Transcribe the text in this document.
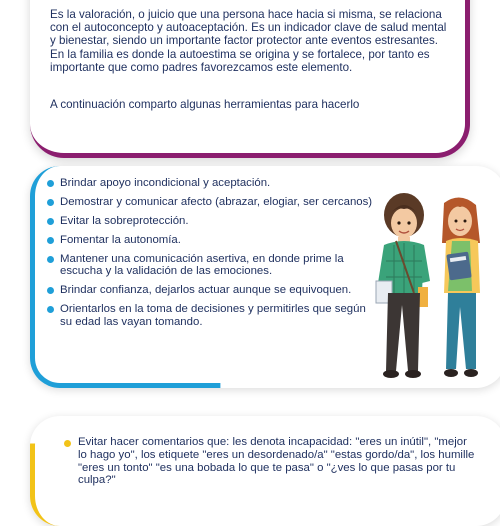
Es la valoración, o juicio que una persona hace hacia si misma, se relaciona con el autoconcepto y autoaceptación. Es un indicador clave de salud mental y bienestar, siendo un importante factor protector ante eventos estresantes. En la familia es donde la autoestima se origina y se fortalece, por tanto es importante que como padres favorezcamos este elemento.

A continuación comparto algunas herramientas para hacerlo

Brindar apoyo incondicional y aceptación.
Demostrar y comunicar afecto (abrazar, elogiar, ser cercanos)
Evitar la sobreprotección.
Fomentar la autonomía.
Mantener una comunicación asertiva, en donde prime la escucha y la validación de las emociones.
Brindar confianza, dejarlos actuar aunque se equivoquen.
Orientarlos en la toma de decisiones y permitirles que según su edad las vayan tomando.
Evitar hacer comentarios que: les denota incapacidad: "eres un inútil", "mejor lo hago yo", los etiquete "eres un desordenado/a" "estas gordo/da", los humille "eres un tonto" "es una bobada lo que te pasa" o "¿ves lo que pasas por tu culpa?"
